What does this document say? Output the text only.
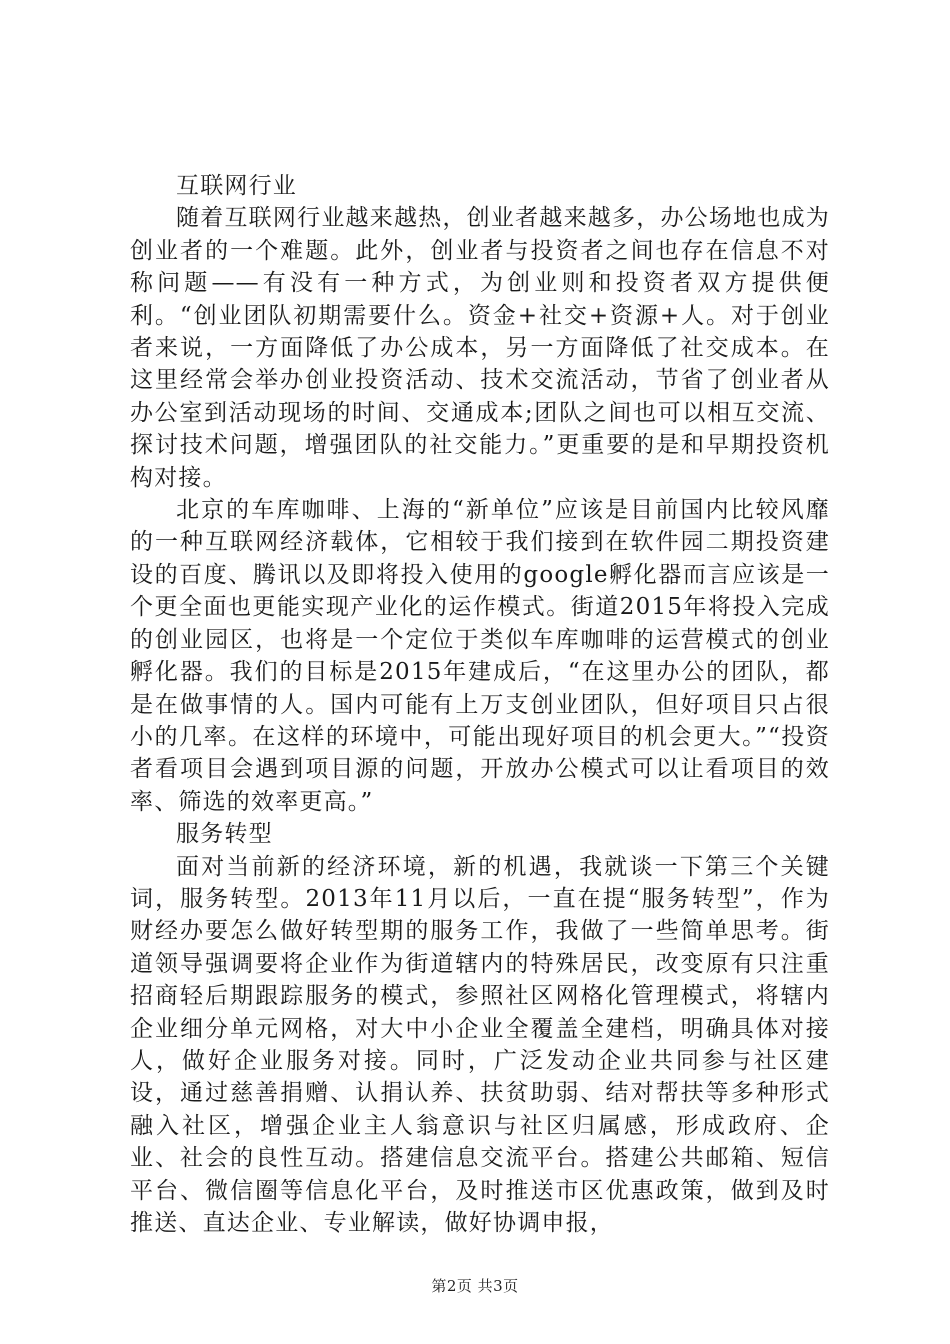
互联网行业

随着互联网行业越来越热，创业者越来越多，办公场地也成为创业者的一个难题。此外，创业者与投资者之间也存在信息不对称问题——有没有一种方式，为创业则和投资者双方提供便利。“创业团队初期需要什么。资金+社交+资源+人。对于创业者来说，一方面降低了办公成本，另一方面降低了社交成本。在这里经常会举办创业投资活动、技术交流活动，节省了创业者从办公室到活动现场的时间、交通成本;团队之间也可以相互交流、探讨技术问题，增强团队的社交能力。”更重要的是和早期投资机构对接。

北京的车库咖啡、上海的“新单位”应该是目前国内比较风靡的一种互联网经济载体，它相较于我们接到在软件园二期投资建设的百度、腾讯以及即将投入使用的google孵化器而言应该是一个更全面也更能实现产业化的运作模式。街道2015年将投入完成的创业园区，也将是一个定位于类似车库咖啡的运营模式的创业孵化器。我们的目标是2015年建成后，“在这里办公的团队，都是在做事情的人。国内可能有上万支创业团队，但好项目只占很小的几率。在这样的环境中，可能出现好项目的机会更大。”“投资者看项目会遇到项目源的问题，开放办公模式可以让看项目的效率、筛选的效率更高。”

服务转型

面对当前新的经济环境，新的机遇，我就谈一下第三个关键词，服务转型。2013年11月以后，一直在提“服务转型”，作为财经办要怎么做好转型期的服务工作，我做了一些简单思考。街道领导强调要将企业作为街道辖内的特殊居民，改变原有只注重招商轻后期跟踪服务的模式，参照社区网格化管理模式，将辖内企业细分单元网格，对大中小企业全覆盖全建档，明确具体对接人，做好企业服务对接。同时，广泛发动企业共同参与社区建设，通过慈善捐赠、认捐认养、扶贫助弱、结对帮扶等多种形式融入社区，增强企业主人翁意识与社区归属感，形成政府、企业、社会的良性互动。搭建信息交流平台。搭建公共邮箱、短信平台、微信圈等信息化平台，及时推送市区优惠政策，做到及时推送、直达企业、专业解读，做好协调申报，

第2页 共3页
